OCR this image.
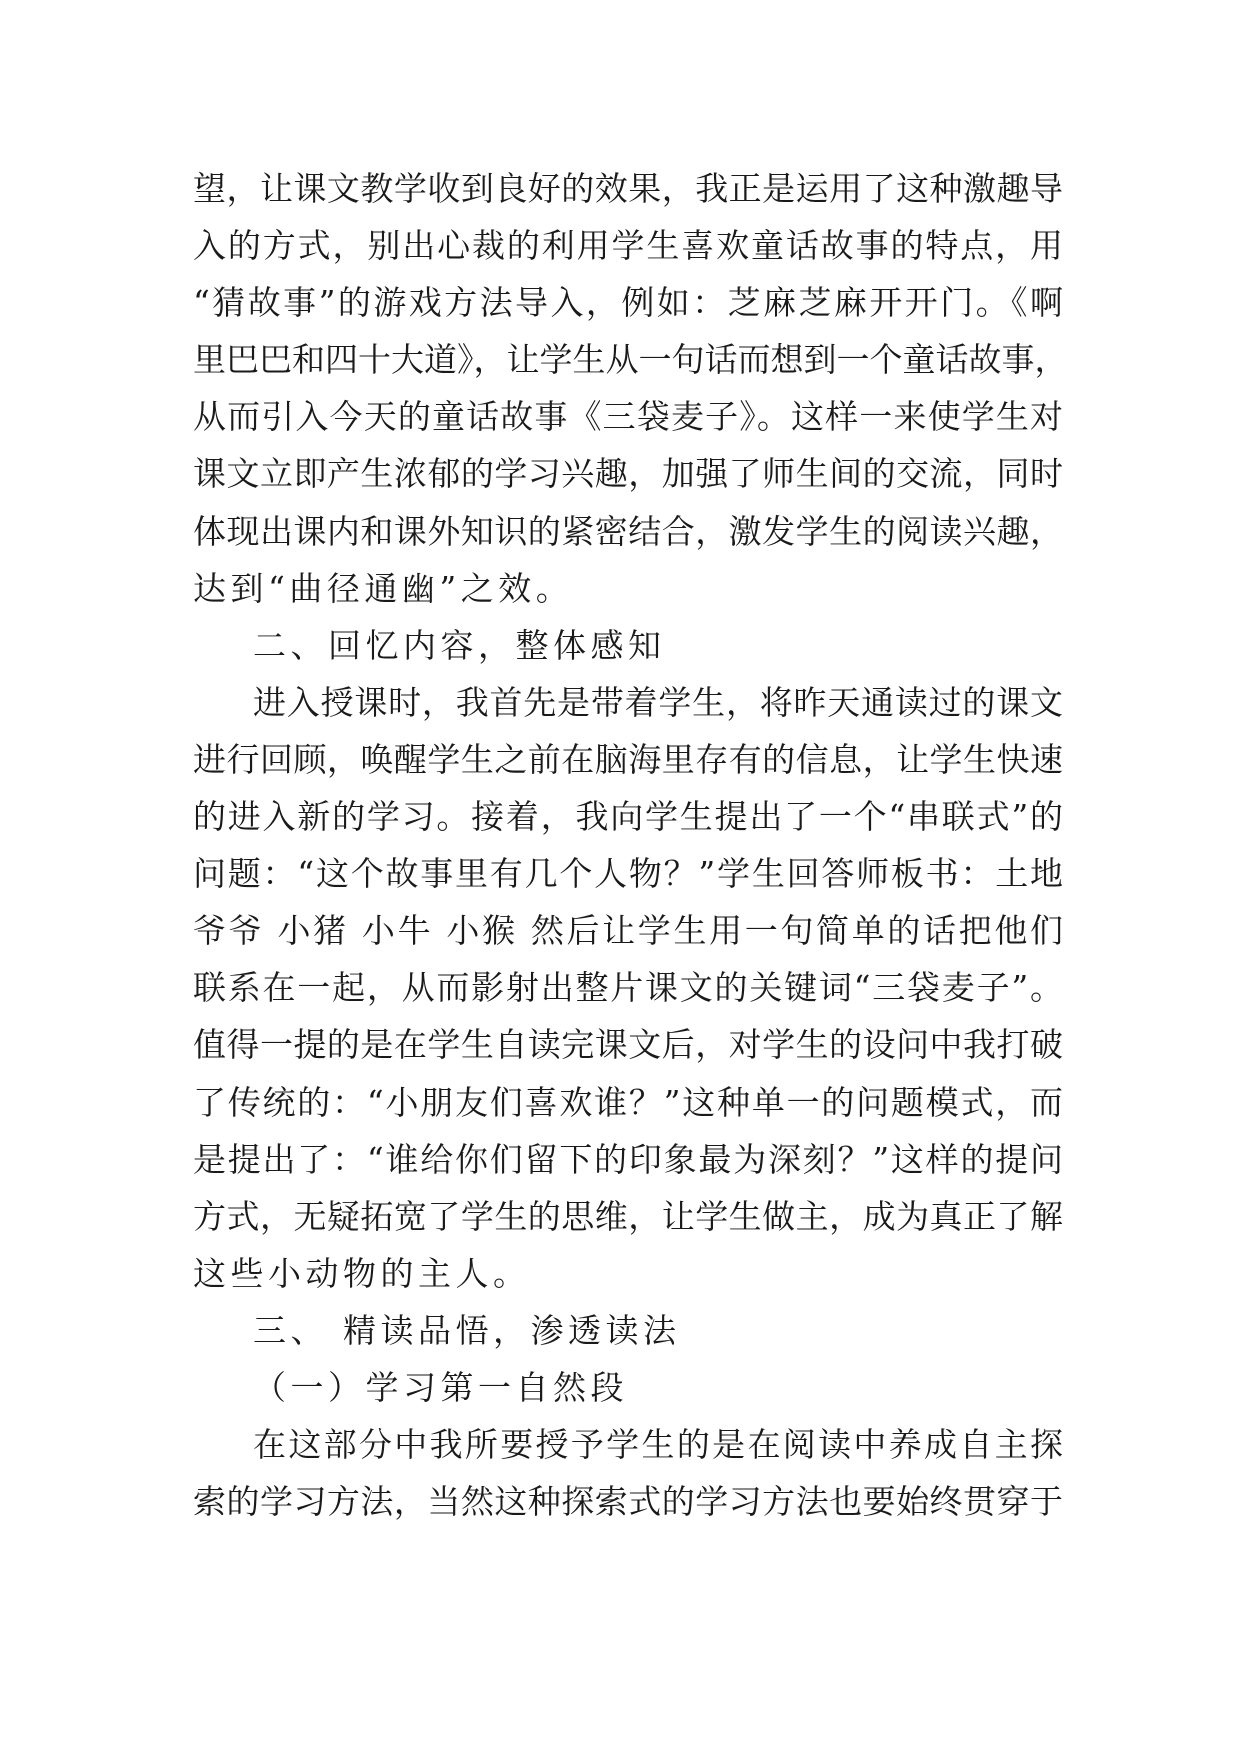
望，让课文教学收到良好的效果，我正是运用了这种激趣导
入的方式，别出心裁的利用学生喜欢童话故事的特点，用
“猜故事”的游戏方法导入，例如：芝麻芝麻开开门。《啊
里巴巴和四十大道》，让学生从一句话而想到一个童话故事，
从而引入今天的童话故事《三袋麦子》。这样一来使学生对
课文立即产生浓郁的学习兴趣，加强了师生间的交流，同时
体现出课内和课外知识的紧密结合，激发学生的阅读兴趣，
达到“曲径通幽”之效。
二、回忆内容，整体感知
进入授课时，我首先是带着学生，将昨天通读过的课文
进行回顾，唤醒学生之前在脑海里存有的信息，让学生快速
的进入新的学习。接着，我向学生提出了一个“串联式”的
问题：“这个故事里有几个人物？”学生回答师板书：土地
爷爷 小猪 小牛 小猴 然后让学生用一句简单的话把他们
联系在一起，从而影射出整片课文的关键词“三袋麦子”。
值得一提的是在学生自读完课文后，对学生的设问中我打破
了传统的：“小朋友们喜欢谁？”这种单一的问题模式，而
是提出了：“谁给你们留下的印象最为深刻？”这样的提问
方式，无疑拓宽了学生的思维，让学生做主，成为真正了解
这些小动物的主人。
三、 精读品悟，渗透读法
（一）学习第一自然段
在这部分中我所要授予学生的是在阅读中养成自主探
索的学习方法，当然这种探索式的学习方法也要始终贯穿于
